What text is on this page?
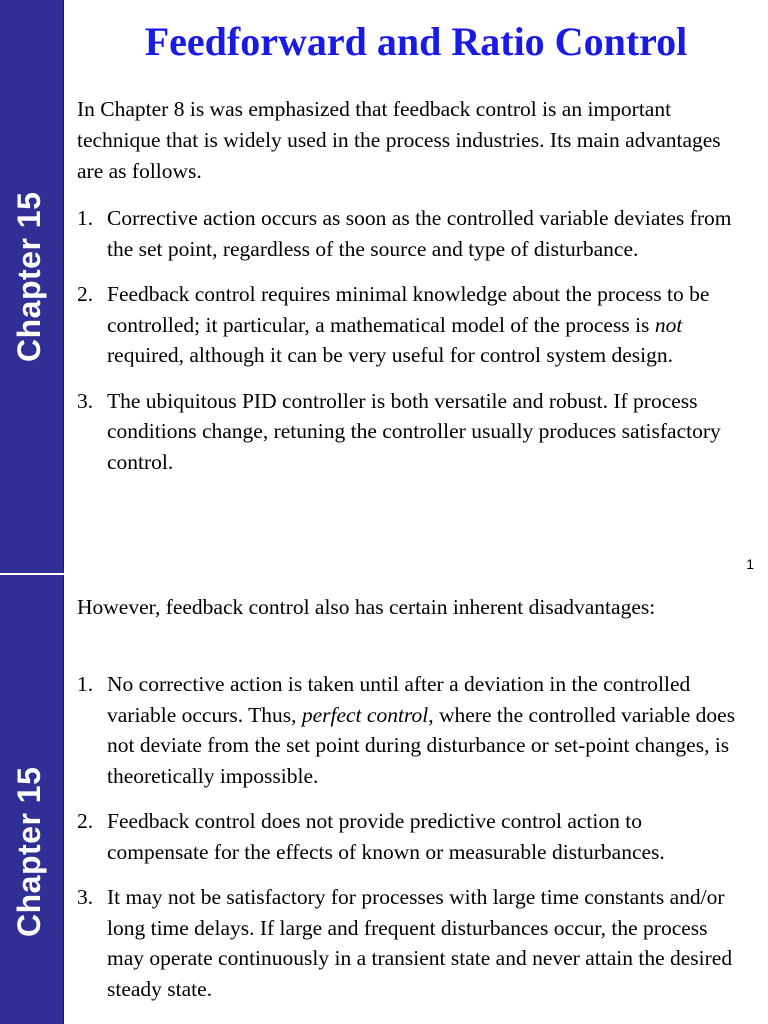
Chapter 15
Feedforward and Ratio Control

In Chapter 8 is was emphasized that feedback control is an important technique that is widely used in the process industries. Its main advantages are as follows.

1. Corrective action occurs as soon as the controlled variable deviates from the set point, regardless of the source and type of disturbance.
2. Feedback control requires minimal knowledge about the process to be controlled; it particular, a mathematical model of the process is not required, although it can be very useful for control system design.
3. The ubiquitous PID controller is both versatile and robust. If process conditions change, retuning the controller usually produces satisfactory control.
1
Chapter 15

However, feedback control also has certain inherent disadvantages:

1. No corrective action is taken until after a deviation in the controlled variable occurs. Thus, perfect control, where the controlled variable does not deviate from the set point during disturbance or set-point changes, is theoretically impossible.
2. Feedback control does not provide predictive control action to compensate for the effects of known or measurable disturbances.
3. It may not be satisfactory for processes with large time constants and/or long time delays. If large and frequent disturbances occur, the process may operate continuously in a transient state and never attain the desired steady state.
